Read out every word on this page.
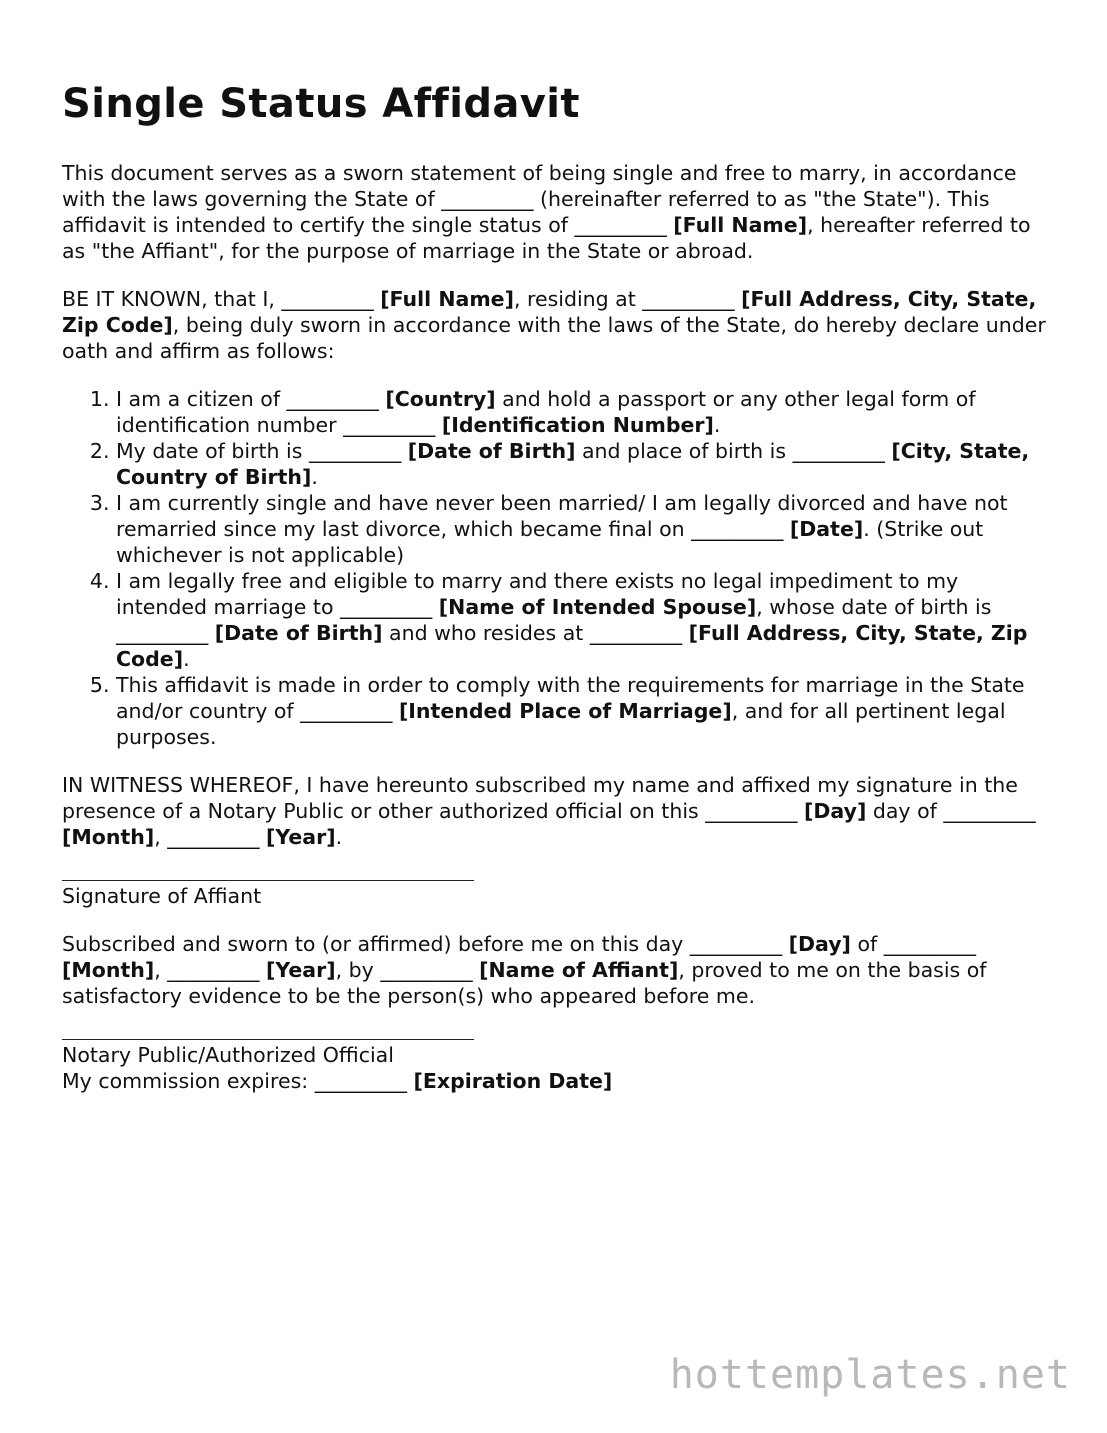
Single Status Affidavit

This document serves as a sworn statement of being single and free to marry, in accordance with the laws governing the State of _________ (hereinafter referred to as "the State"). This affidavit is intended to certify the single status of _________ [Full Name], hereafter referred to as "the Affiant", for the purpose of marriage in the State or abroad.

BE IT KNOWN, that I, _________ [Full Name], residing at _________ [Full Address, City, State, Zip Code], being duly sworn in accordance with the laws of the State, do hereby declare under oath and affirm as follows:

1. I am a citizen of _________ [Country] and hold a passport or any other legal form of identification number _________ [Identification Number].
2. My date of birth is _________ [Date of Birth] and place of birth is _________ [City, State, Country of Birth].
3. I am currently single and have never been married/ I am legally divorced and have not remarried since my last divorce, which became final on _________ [Date]. (Strike out whichever is not applicable)
4. I am legally free and eligible to marry and there exists no legal impediment to my intended marriage to _________ [Name of Intended Spouse], whose date of birth is _________ [Date of Birth] and who resides at _________ [Full Address, City, State, Zip Code].
5. This affidavit is made in order to comply with the requirements for marriage in the State and/or country of _________ [Intended Place of Marriage], and for all pertinent legal purposes.

IN WITNESS WHEREOF, I have hereunto subscribed my name and affixed my signature in the presence of a Notary Public or other authorized official on this _________ [Day] day of _________ [Month], _________ [Year].

Signature of Affiant

Subscribed and sworn to (or affirmed) before me on this day _________ [Day] of _________ [Month], _________ [Year], by _________ [Name of Affiant], proved to me on the basis of satisfactory evidence to be the person(s) who appeared before me.

Notary Public/Authorized Official
My commission expires: _________ [Expiration Date]
hottemplates.net
